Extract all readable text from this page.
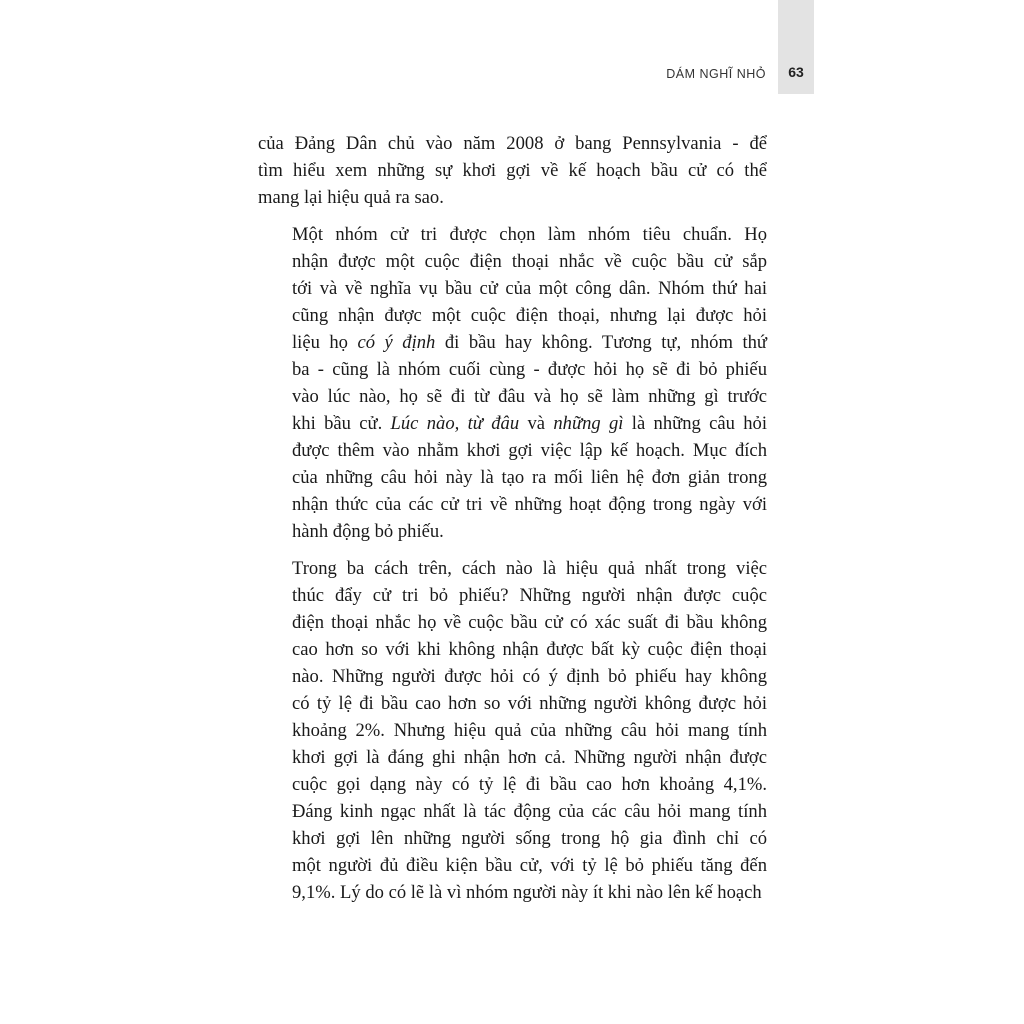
63
DÁM NGHĨ NHỎ

của Đảng Dân chủ vào năm 2008 ở bang Pennsylvania - để
tìm hiểu xem những sự khơi gợi về kế hoạch bầu cử có thể
mang lại hiệu quả ra sao.

Một nhóm cử tri được chọn làm nhóm tiêu chuẩn. Họ
nhận được một cuộc điện thoại nhắc về cuộc bầu cử sắp
tới và về nghĩa vụ bầu cử của một công dân. Nhóm thứ hai
cũng nhận được một cuộc điện thoại, nhưng lại được hỏi
liệu họ có ý định đi bầu hay không. Tương tự, nhóm thứ
ba - cũng là nhóm cuối cùng - được hỏi họ sẽ đi bỏ phiếu
vào lúc nào, họ sẽ đi từ đâu và họ sẽ làm những gì trước
khi bầu cử. Lúc nào, từ đâu và những gì là những câu hỏi
được thêm vào nhằm khơi gợi việc lập kế hoạch. Mục đích
của những câu hỏi này là tạo ra mối liên hệ đơn giản trong
nhận thức của các cử tri về những hoạt động trong ngày với
hành động bỏ phiếu.

Trong ba cách trên, cách nào là hiệu quả nhất trong việc
thúc đẩy cử tri bỏ phiếu? Những người nhận được cuộc
điện thoại nhắc họ về cuộc bầu cử có xác suất đi bầu không
cao hơn so với khi không nhận được bất kỳ cuộc điện thoại
nào. Những người được hỏi có ý định bỏ phiếu hay không
có tỷ lệ đi bầu cao hơn so với những người không được hỏi
khoảng 2%. Nhưng hiệu quả của những câu hỏi mang tính
khơi gợi là đáng ghi nhận hơn cả. Những người nhận được
cuộc gọi dạng này có tỷ lệ đi bầu cao hơn khoảng 4,1%.
Đáng kinh ngạc nhất là tác động của các câu hỏi mang tính
khơi gợi lên những người sống trong hộ gia đình chỉ có
một người đủ điều kiện bầu cử, với tỷ lệ bỏ phiếu tăng đến
9,1%. Lý do có lẽ là vì nhóm người này ít khi nào lên kế hoạch
